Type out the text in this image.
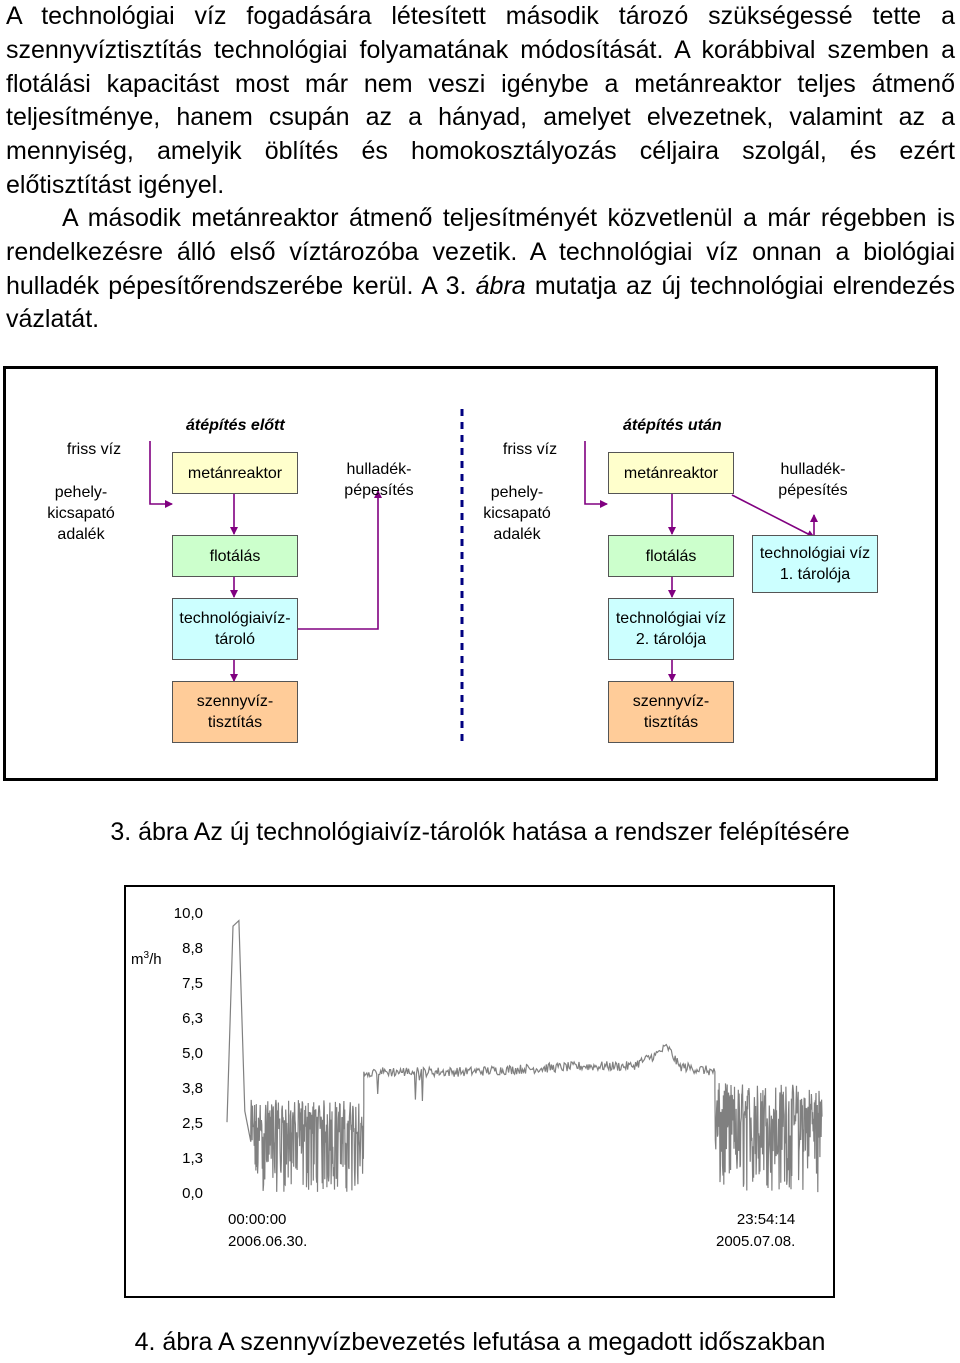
A technológiai víz fogadására létesített második tározó szükségessé tette a szennyvíztisztítás technológiai folyamatának módosítását. A korábbival szemben a flotálási kapacitást most már nem veszi igénybe a metánreaktor teljes átmenő teljesítménye, hanem csupán az a hányad, amelyet elvezetnek, valamint az a mennyiség, amelyik öblítés és homokosztályozás céljaira szolgál, és ezért előtisztítást igényel.

A második metánreaktor átmenő teljesítményét közvetlenül a már régebben is rendelkezésre álló első víztározóba vezetik. A technológiai víz onnan a biológiai hulladék pépesítőrendszerébe kerül. A 3. ábra mutatja az új technológiai elrendezés vázlatát.

átépítés előtt
friss víz
pehely-
kicsapató
adalék
metánreaktor
flotálás
technológiaivíz-
tároló
szennyvíz-
tisztítás
hulladék-
pépesítés
átépítés után
friss víz
pehely-
kicsapató
adalék
metánreaktor
flotálás
technológiai víz
2. tárolója
szennyvíz-
tisztítás
hulladék-
pépesítés
technológiai víz
1. tárolója
3. ábra Az új technológiaivíz-tárolók hatása a rendszer felépítésére
$m^3/h$
10,0
8,8
7,5
6,3
5,0
3,8
2,5
1,3
0,0
00:00:00
2006.06.30.
23:54:14
2005.07.08.
4. ábra A szennyvízbevezetés lefutása a megadott időszakban
